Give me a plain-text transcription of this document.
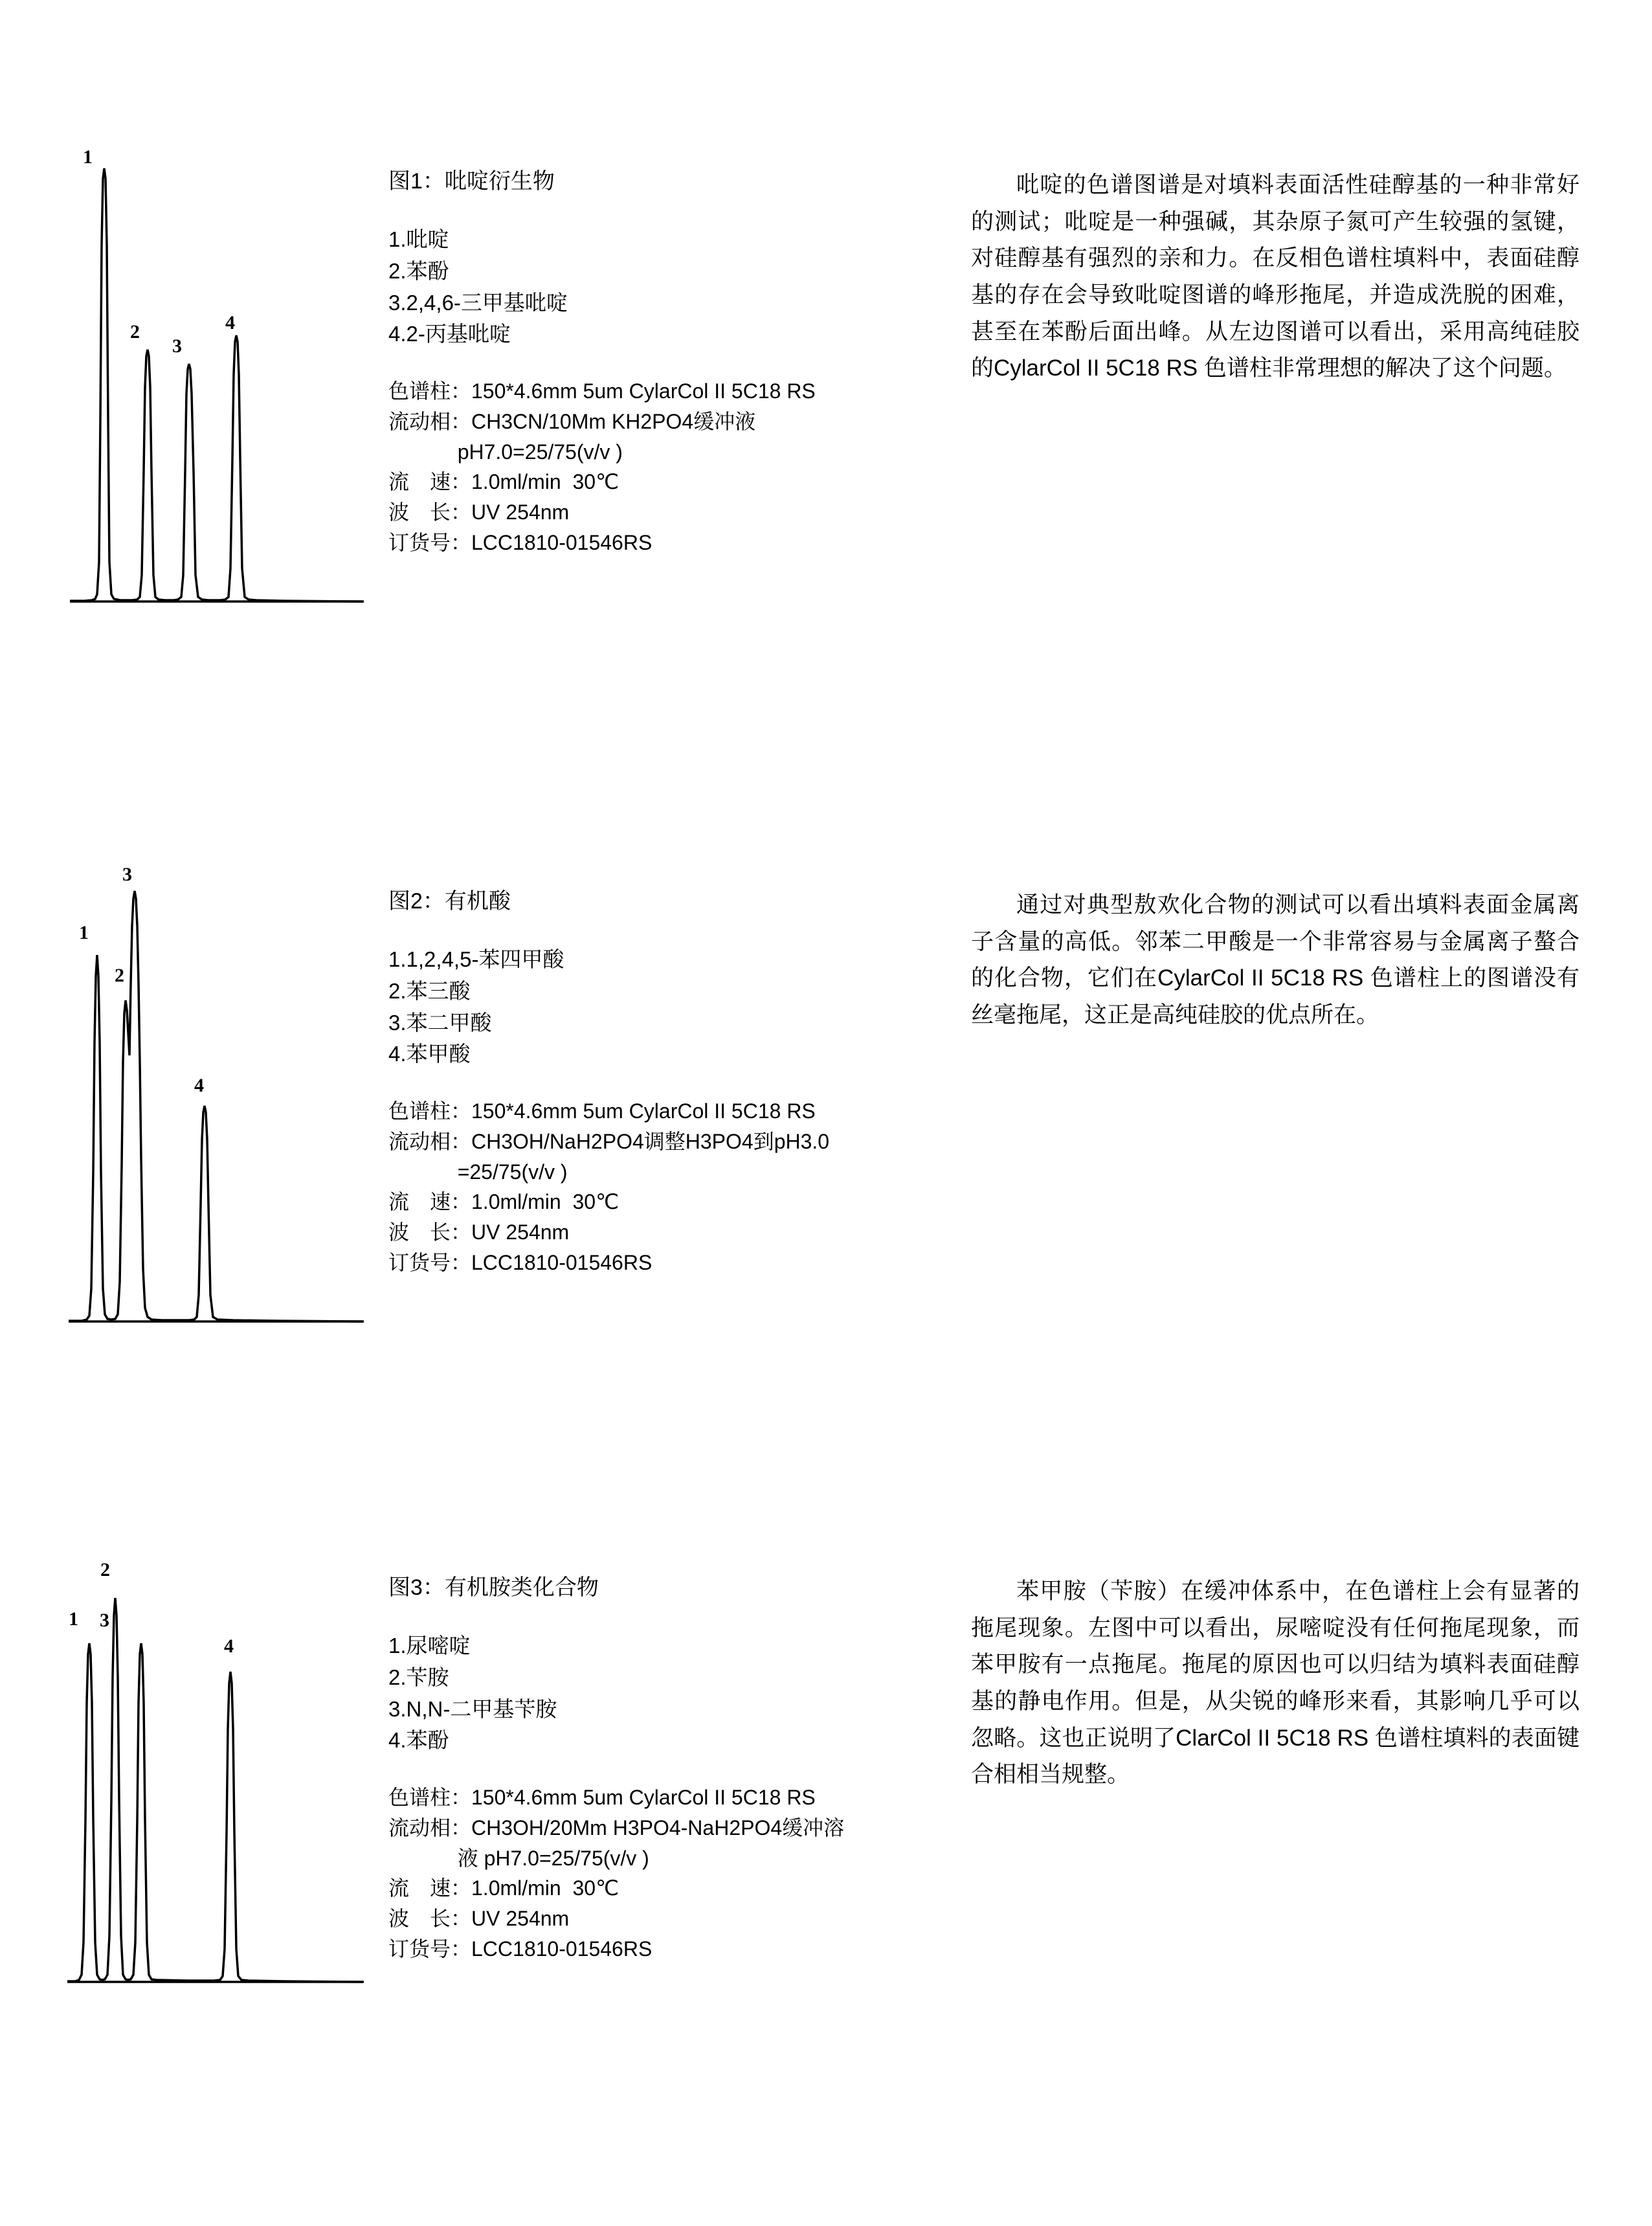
1
2
3
4
图1：吡啶衍生物
1.吡啶
2.苯酚
3.2,4,6-三甲基吡啶
4.2-丙基吡啶
色谱柱：150*4.6mm 5um CylarCol II 5C18 RS
流动相：CH3CN/10Mm KH2PO4缓冲液
pH7.0=25/75(v/v )
流　速：1.0ml/min  30℃
波　长：UV 254nm
订货号：LCC1810-01546RS
吡啶的色谱图谱是对填料表面活性硅醇基的一种非常好的测试；吡啶是一种强碱，其杂原子氮可产生较强的氢键，对硅醇基有强烈的亲和力。在反相色谱柱填料中，表面硅醇基的存在会导致吡啶图谱的峰形拖尾，并造成洗脱的困难，甚至在苯酚后面出峰。从左边图谱可以看出，采用高纯硅胶的CylarCol II 5C18 RS 色谱柱非常理想的解决了这个问题。
1
2
3
4
图2：有机酸
1.1,2,4,5-苯四甲酸
2.苯三酸
3.苯二甲酸
4.苯甲酸
色谱柱：150*4.6mm 5um CylarCol II 5C18 RS
流动相：CH3OH/NaH2PO4调整H3PO4到pH3.0
=25/75(v/v )
流　速：1.0ml/min  30℃
波　长：UV 254nm
订货号：LCC1810-01546RS
通过对典型敖欢化合物的测试可以看出填料表面金属离子含量的高低。邻苯二甲酸是一个非常容易与金属离子螯合的化合物，它们在CylarCol II 5C18 RS 色谱柱上的图谱没有丝毫拖尾，这正是高纯硅胶的优点所在。
1
2
3
4
图3：有机胺类化合物
1.尿嘧啶
2.苄胺
3.N,N-二甲基苄胺
4.苯酚
色谱柱：150*4.6mm 5um CylarCol II 5C18 RS
流动相：CH3OH/20Mm H3PO4-NaH2PO4缓冲溶
液 pH7.0=25/75(v/v )
流　速：1.0ml/min  30℃
波　长：UV 254nm
订货号：LCC1810-01546RS
苯甲胺（苄胺）在缓冲体系中，在色谱柱上会有显著的拖尾现象。左图中可以看出，尿嘧啶没有任何拖尾现象，而苯甲胺有一点拖尾。拖尾的原因也可以归结为填料表面硅醇基的静电作用。但是，从尖锐的峰形来看，其影响几乎可以忽略。这也正说明了ClarCol II 5C18 RS 色谱柱填料的表面键合相相当规整。
